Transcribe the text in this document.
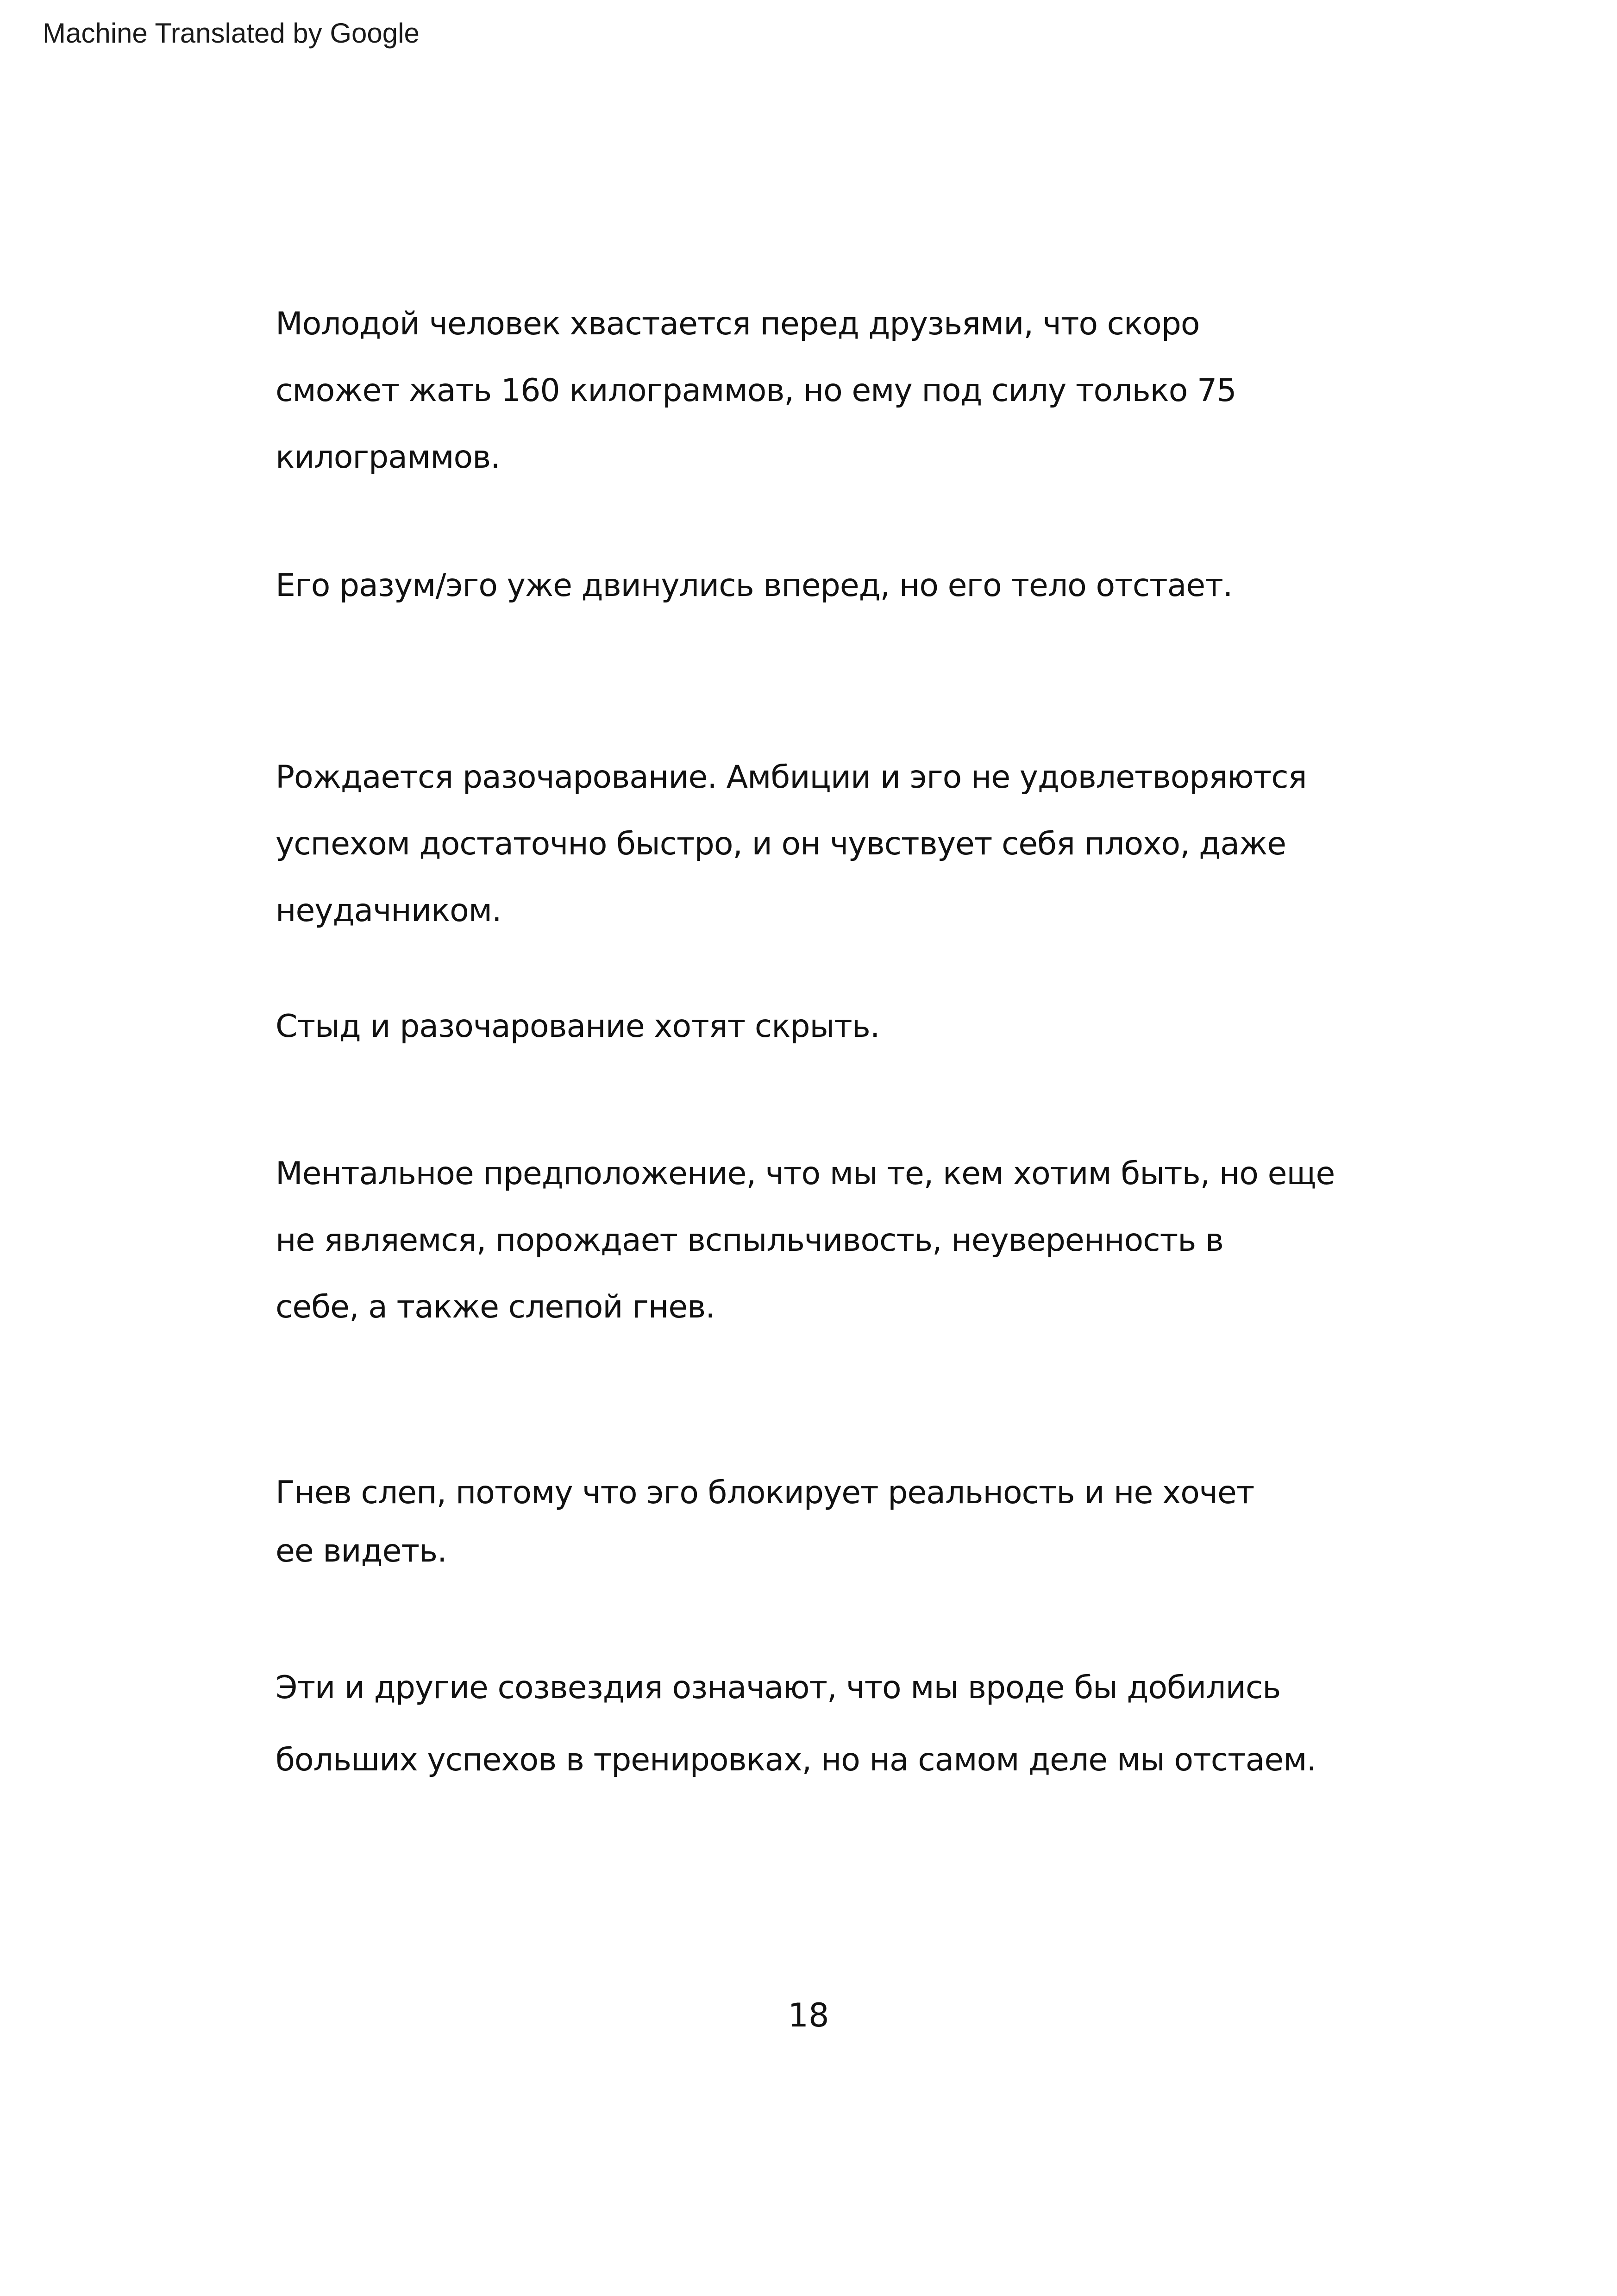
Machine Translated by Google
Молодой человек хвастается перед друзьями, что скоро
сможет жать 160 килограммов, но ему под силу только 75
килограммов.
Его разум/эго уже двинулись вперед, но его тело отстает.
Рождается разочарование. Амбиции и эго не удовлетворяются
успехом достаточно быстро, и он чувствует себя плохо, даже
неудачником.
Стыд и разочарование хотят скрыть.
Ментальное предположение, что мы те, кем хотим быть, но еще
не являемся, порождает вспыльчивость, неуверенность в
себе, а также слепой гнев.
Гнев слеп, потому что эго блокирует реальность и не хочет
ее видеть.
Эти и другие созвездия означают, что мы вроде бы добились
больших успехов в тренировках, но на самом деле мы отстаем.
18
